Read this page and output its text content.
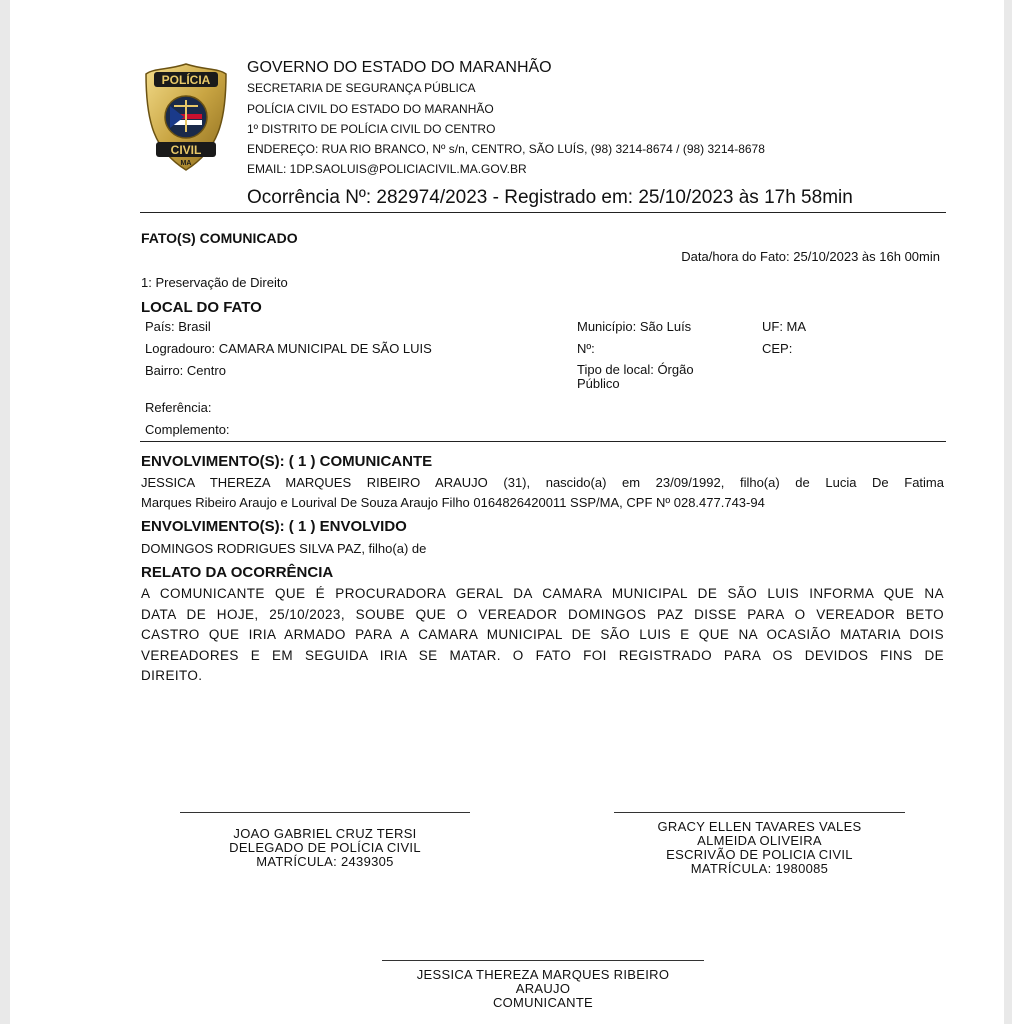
POLÍCIA
CIVIL
MA
GOVERNO DO ESTADO DO MARANHÃO
SECRETARIA DE SEGURANÇA PÚBLICA
POLÍCIA CIVIL DO ESTADO DO MARANHÃO
1º DISTRITO DE POLÍCIA CIVIL DO CENTRO
ENDEREÇO: RUA RIO BRANCO, Nº s/n, CENTRO, SÃO LUÍS, (98) 3214-8674 / (98) 3214-8678
EMAIL: 1DP.SAOLUIS@POLICIACIVIL.MA.GOV.BR
Ocorrência Nº: 282974/2023 - Registrado em: 25/10/2023 às 17h 58min
FATO(S) COMUNICADO
Data/hora do Fato: 25/10/2023 às 16h 00min
1: Preservação de Direito
LOCAL DO FATO
País: Brasil
Logradouro: CAMARA MUNICIPAL DE SÃO LUIS
Bairro: Centro
Referência:
Complemento:
Município: São Luís
Nº:
Tipo de local: Órgão
Público
UF: MA
CEP:
ENVOLVIMENTO(S): ( 1 ) COMUNICANTE
JESSICA THEREZA MARQUES RIBEIRO ARAUJO (31), nascido(a) em 23/09/1992, filho(a) de Lucia De Fatima
Marques Ribeiro Araujo e Lourival De Souza Araujo Filho 0164826420011 SSP/MA, CPF Nº 028.477.743-94
ENVOLVIMENTO(S): ( 1 ) ENVOLVIDO
DOMINGOS RODRIGUES SILVA PAZ, filho(a) de
RELATO DA OCORRÊNCIA
A COMUNICANTE QUE É PROCURADORA GERAL DA CAMARA MUNICIPAL DE SÃO LUIS INFORMA QUE NA
DATA DE HOJE, 25/10/2023, SOUBE QUE O VEREADOR DOMINGOS PAZ DISSE PARA O VEREADOR BETO
CASTRO QUE IRIA ARMADO PARA A CAMARA MUNICIPAL DE SÃO LUIS E QUE NA OCASIÃO MATARIA DOIS
VEREADORES E EM SEGUIDA IRIA SE MATAR. O FATO FOI REGISTRADO PARA OS DEVIDOS FINS DE
DIREITO.
JOAO GABRIEL CRUZ TERSI
DELEGADO DE POLÍCIA CIVIL
MATRÍCULA: 2439305
GRACY ELLEN TAVARES VALES
ALMEIDA OLIVEIRA
ESCRIVÃO DE POLICIA CIVIL
MATRÍCULA: 1980085
JESSICA THEREZA MARQUES RIBEIRO
ARAUJO
COMUNICANTE
